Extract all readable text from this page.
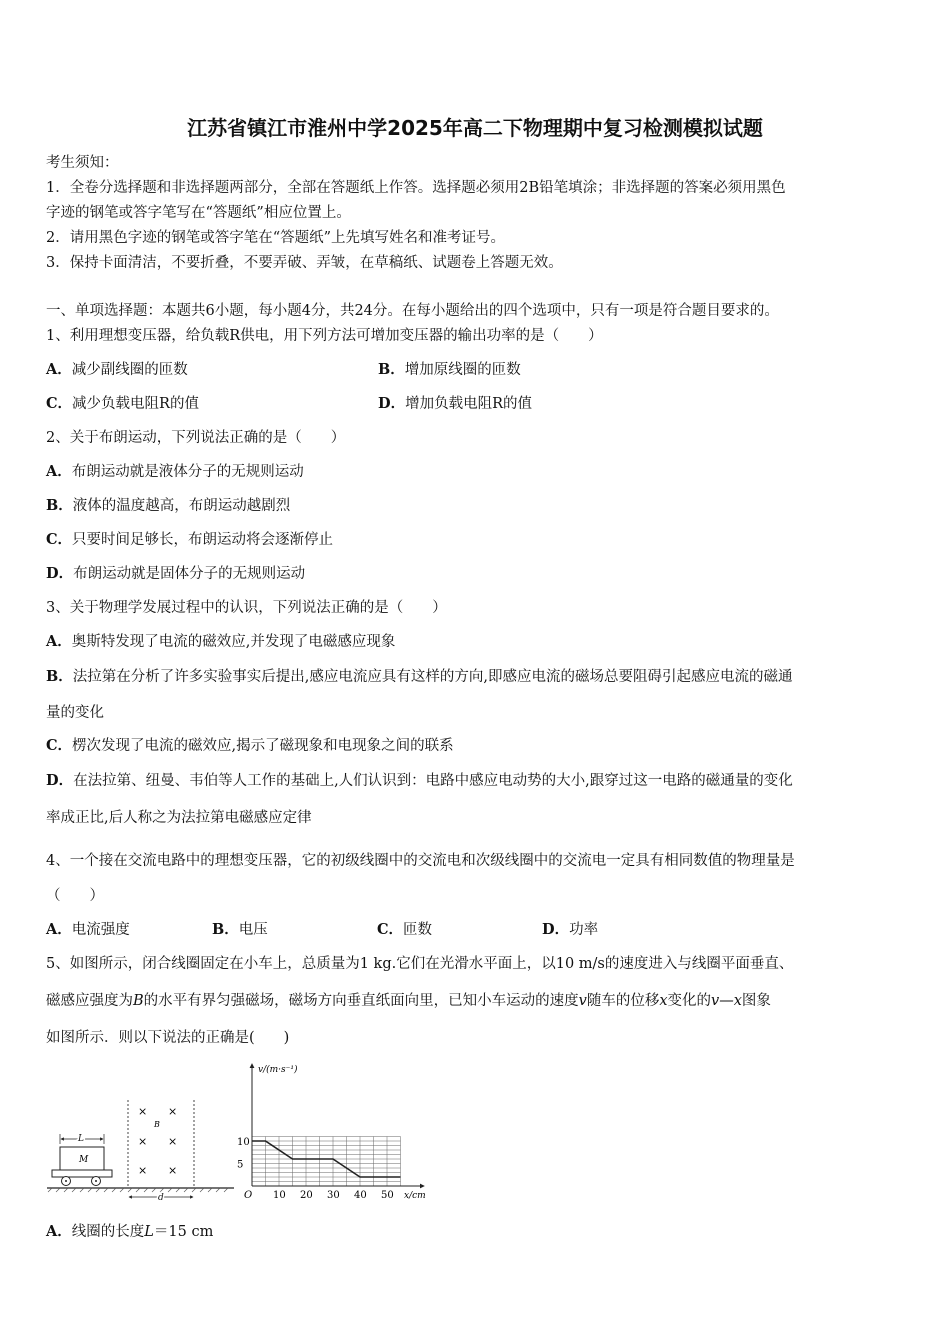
江苏省镇江市淮州中学2025年高二下物理期中复习检测模拟试题
考生须知：
1．全卷分选择题和非选择题两部分，全部在答题纸上作答。选择题必须用2B铅笔填涂；非选择题的答案必须用黑色
字迹的钢笔或答字笔写在“答题纸”相应位置上。
2．请用黑色字迹的钢笔或答字笔在“答题纸”上先填写姓名和准考证号。
3．保持卡面清洁，不要折叠，不要弄破、弄皱，在草稿纸、试题卷上答题无效。
一、单项选择题：本题共6小题，每小题4分，共24分。在每小题给出的四个选项中，只有一项是符合题目要求的。
1、利用理想变压器，给负载R供电，用下列方法可增加变压器的输出功率的是（　　）
A．减少副线圈的匝数	B．增加原线圈的匝数
C．减少负载电阻R的值	D．增加负载电阻R的值
2、关于布朗运动，下列说法正确的是（　　）
A．布朗运动就是液体分子的无规则运动
B．液体的温度越高，布朗运动越剧烈
C．只要时间足够长，布朗运动将会逐渐停止
D．布朗运动就是固体分子的无规则运动
3、关于物理学发展过程中的认识，下列说法正确的是（　　）
A．奥斯特发现了电流的磁效应,并发现了电磁感应现象
B．法拉第在分析了许多实验事实后提出,感应电流应具有这样的方向,即感应电流的磁场总要阻碍引起感应电流的磁通
量的变化
C．楞次发现了电流的磁效应,揭示了磁现象和电现象之间的联系
D．在法拉第、纽曼、韦伯等人工作的基础上,人们认识到：电路中感应电动势的大小,跟穿过这一电路的磁通量的变化
率成正比,后人称之为法拉第电磁感应定律
4、一个接在交流电路中的理想变压器，它的初级线圈中的交流电和次级线圈中的交流电一定具有相同数值的物理量是
（　　）
A．电流强度	B．电压	C．匝数	D．功率
5、如图所示，闭合线圈固定在小车上，总质量为1 kg.它们在光滑水平面上，以10 m/s的速度进入与线圈平面垂直、
磁感应强度为B的水平有界匀强磁场，磁场方向垂直纸面向里，已知小车运动的速度v随车的位移x变化的v—x图象
如图所示．则以下说法的正确是(　　)
M
L
× ×
B
× ×
× ×
d
v/(m·s⁻¹)
x/cm
O
10
5
10 20 30 40 50
A．线圈的长度L＝15 cm
